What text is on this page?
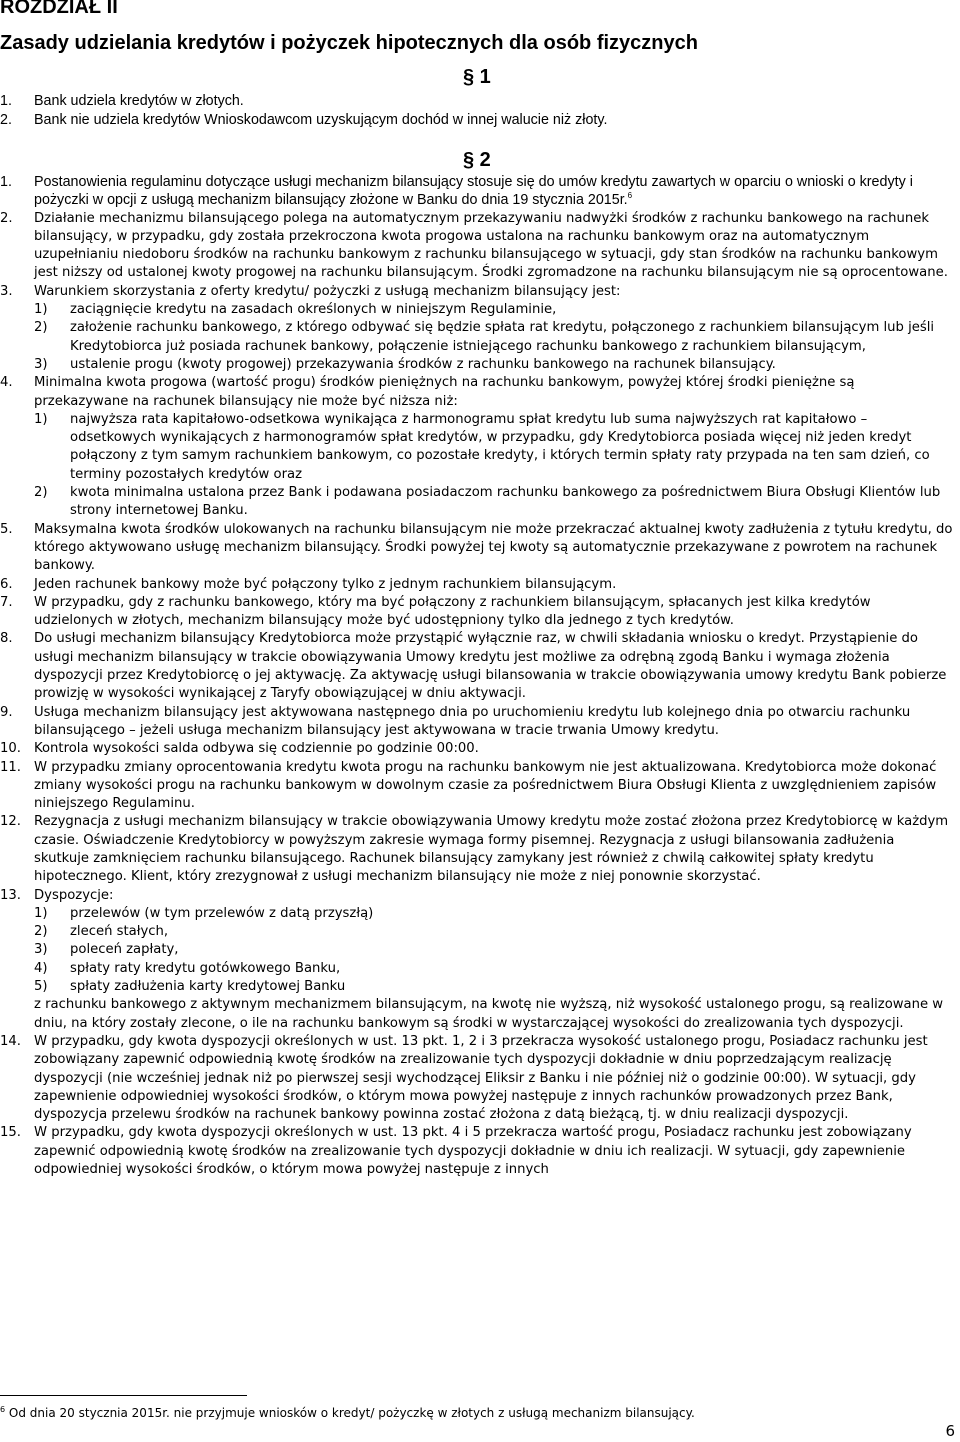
ROZDZIAŁ II
Zasady udzielania kredytów i pożyczek hipotecznych dla osób fizycznych
§ 1
1. Bank udziela kredytów w złotych.
2. Bank nie udziela kredytów Wnioskodawcom uzyskującym dochód w innej walucie niż złoty.
§ 2
1. Postanowienia regulaminu dotyczące usługi mechanizm bilansujący stosuje się do umów kredytu zawartych w oparciu o wnioski o kredyty i pożyczki w opcji z usługą mechanizm bilansujący złożone w Banku do dnia 19 stycznia 2015r.$^6$
2. Działanie mechanizmu bilansującego polega na automatycznym przekazywaniu nadwyżki środków z rachunku bankowego na rachunek bilansujący, w przypadku, gdy została przekroczona kwota progowa ustalona na rachunku bankowym oraz na automatycznym uzupełnianiu niedoboru środków na rachunku bankowym z rachunku bilansującego w sytuacji, gdy stan środków na rachunku bankowym jest niższy od ustalonej kwoty progowej na rachunku bilansującym. Środki zgromadzone na rachunku bilansującym nie są oprocentowane.
3. Warunkiem skorzystania z oferty kredytu/ pożyczki z usługą mechanizm bilansujący jest:
1) zaciągnięcie kredytu na zasadach określonych w niniejszym Regulaminie,
2) założenie rachunku bankowego, z którego odbywać się będzie spłata rat kredytu, połączonego z rachunkiem bilansującym lub jeśli Kredytobiorca już posiada rachunek bankowy, połączenie istniejącego rachunku bankowego z rachunkiem bilansującym,
3) ustalenie progu (kwoty progowej) przekazywania środków z rachunku bankowego na rachunek bilansujący.
4. Minimalna kwota progowa (wartość progu) środków pieniężnych na rachunku bankowym, powyżej której środki pieniężne są przekazywane na rachunek bilansujący nie może być niższa niż:
1) najwyższa rata kapitałowo-odsetkowa wynikająca z harmonogramu spłat kredytu lub suma najwyższych rat kapitałowo – odsetkowych wynikających z harmonogramów spłat kredytów, w przypadku, gdy Kredytobiorca posiada więcej niż jeden kredyt połączony z tym samym rachunkiem bankowym, co pozostałe kredyty, i których termin spłaty raty przypada na ten sam dzień, co terminy pozostałych kredytów oraz
2) kwota minimalna ustalona przez Bank i podawana posiadaczom rachunku bankowego za pośrednictwem Biura Obsługi Klientów lub strony internetowej Banku.
5. Maksymalna kwota środków ulokowanych na rachunku bilansującym nie może przekraczać aktualnej kwoty zadłużenia z tytułu kredytu, do którego aktywowano usługę mechanizm bilansujący. Środki powyżej tej kwoty są automatycznie przekazywane z powrotem na rachunek bankowy.
6. Jeden rachunek bankowy może być połączony tylko z jednym rachunkiem bilansującym.
7. W przypadku, gdy z rachunku bankowego, który ma być połączony z rachunkiem bilansującym, spłacanych jest kilka kredytów udzielonych w złotych, mechanizm bilansujący może być udostępniony tylko dla jednego z tych kredytów.
8. Do usługi mechanizm bilansujący Kredytobiorca może przystąpić wyłącznie raz, w chwili składania wniosku o kredyt. Przystąpienie do usługi mechanizm bilansujący w trakcie obowiązywania Umowy kredytu jest możliwe za odrębną zgodą Banku i wymaga złożenia dyspozycji przez Kredytobiorcę o jej aktywację. Za aktywację usługi bilansowania w trakcie obowiązywania umowy kredytu Bank pobierze prowizję w wysokości wynikającej z Taryfy obowiązującej w dniu aktywacji.
9. Usługa mechanizm bilansujący jest aktywowana następnego dnia po uruchomieniu kredytu lub kolejnego dnia po otwarciu rachunku bilansującego – jeżeli usługa mechanizm bilansujący jest aktywowana w tracie trwania Umowy kredytu.
10. Kontrola wysokości salda odbywa się codziennie po godzinie 00:00.
11. W przypadku zmiany oprocentowania kredytu kwota progu na rachunku bankowym nie jest aktualizowana. Kredytobiorca może dokonać zmiany wysokości progu na rachunku bankowym w dowolnym czasie za pośrednictwem Biura Obsługi Klienta z uwzględnieniem zapisów niniejszego Regulaminu.
12. Rezygnacja z usługi mechanizm bilansujący w trakcie obowiązywania Umowy kredytu może zostać złożona przez Kredytobiorcę w każdym czasie. Oświadczenie Kredytobiorcy w powyższym zakresie wymaga formy pisemnej. Rezygnacja z usługi bilansowania zadłużenia skutkuje zamknięciem rachunku bilansującego. Rachunek bilansujący zamykany jest również z chwilą całkowitej spłaty kredytu hipotecznego. Klient, który zrezygnował z usługi mechanizm bilansujący nie może z niej ponownie skorzystać.
13. Dyspozycje:
1) przelewów (w tym przelewów z datą przyszłą)
2) zleceń stałych,
3) poleceń zapłaty,
4) spłaty raty kredytu gotówkowego Banku,
5) spłaty zadłużenia karty kredytowej Banku
z rachunku bankowego z aktywnym mechanizmem bilansującym, na kwotę nie wyższą, niż wysokość ustalonego progu, są realizowane w dniu, na który zostały zlecone, o ile na rachunku bankowym są środki w wystarczającej wysokości do zrealizowania tych dyspozycji.
14. W przypadku, gdy kwota dyspozycji określonych w ust. 13 pkt. 1, 2 i 3 przekracza wysokość ustalonego progu, Posiadacz rachunku jest zobowiązany zapewnić odpowiednią kwotę środków na zrealizowanie tych dyspozycji dokładnie w dniu poprzedzającym realizację dyspozycji (nie wcześniej jednak niż po pierwszej sesji wychodzącej Eliksir z Banku i nie później niż o godzinie 00:00). W sytuacji, gdy zapewnienie odpowiedniej wysokości środków, o którym mowa powyżej następuje z innych rachunków prowadzonych przez Bank, dyspozycja przelewu środków na rachunek bankowy powinna zostać złożona z datą bieżącą, tj. w dniu realizacji dyspozycji.
15. W przypadku, gdy kwota dyspozycji określonych w ust. 13 pkt. 4 i 5 przekracza wartość progu, Posiadacz rachunku jest zobowiązany zapewnić odpowiednią kwotę środków na zrealizowanie tych dyspozycji dokładnie w dniu ich realizacji. W sytuacji, gdy zapewnienie odpowiedniej wysokości środków, o którym mowa powyżej następuje z innych
$^6$ Od dnia 20 stycznia 2015r. nie przyjmuje wniosków o kredyt/ pożyczkę w złotych z usługą mechanizm bilansujący.
6
